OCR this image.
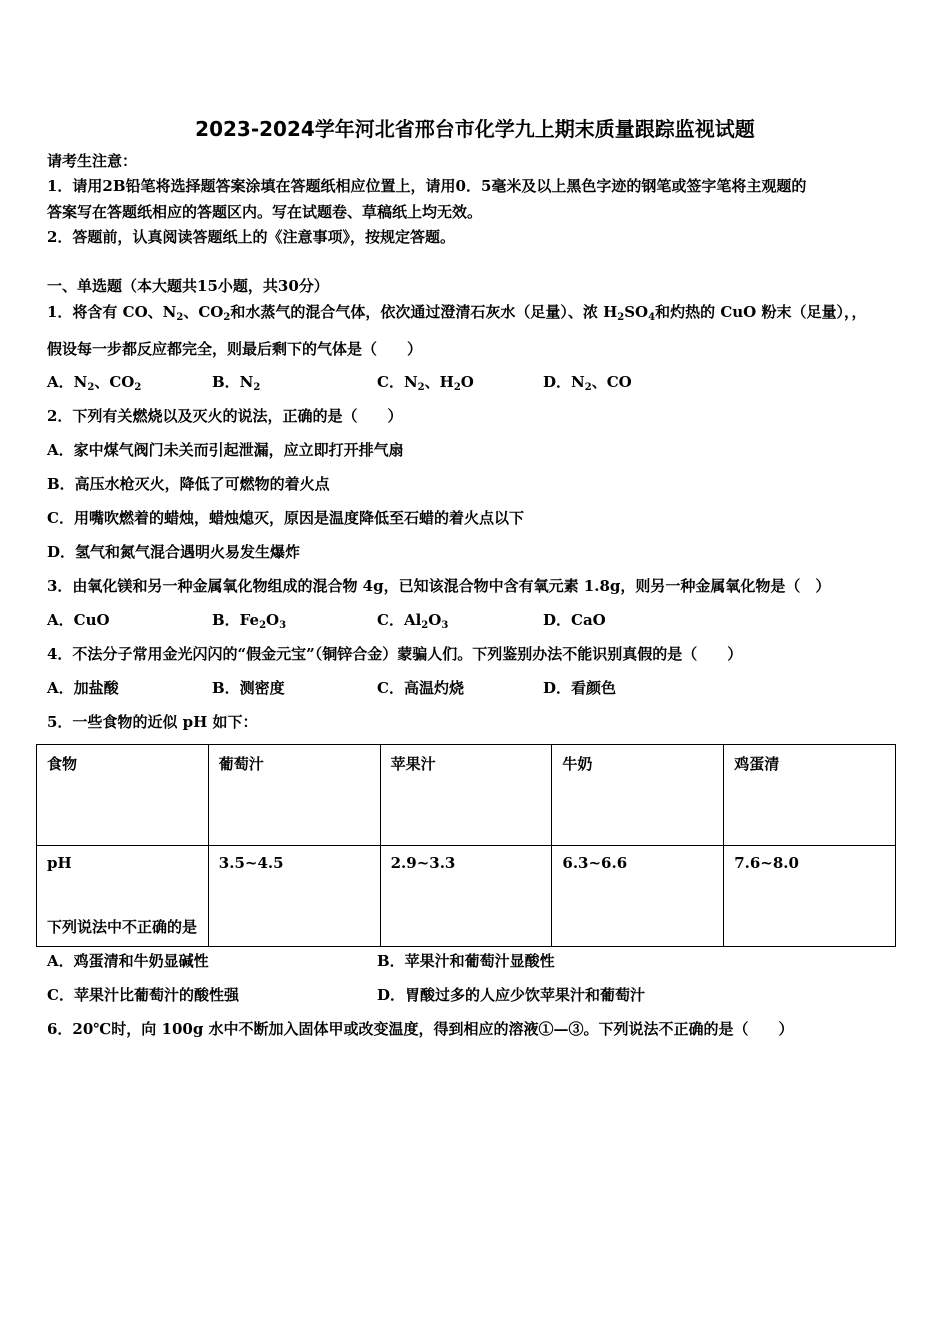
2023-2024学年河北省邢台市化学九上期末质量跟踪监视试题
请考生注意：
1．请用2B铅笔将选择题答案涂填在答题纸相应位置上，请用0．5毫米及以上黑色字迹的钢笔或签字笔将主观题的
答案写在答题纸相应的答题区内。写在试题卷、草稿纸上均无效。
2．答题前，认真阅读答题纸上的《注意事项》，按规定答题。
一、单选题（本大题共15小题，共30分）
1．将含有 CO、$N_2$、$CO_2$和水蒸气的混合气体，依次通过澄清石灰水（足量）、浓 $H_2SO_4$和灼热的 CuO 粉末（足量），，
假设每一步都反应都完全，则最后剩下的气体是（　　）
A．$N_2$、$CO_2$	B．$N_2$	C．$N_2$、$H_2O$	D．$N_2$、CO
2．下列有关燃烧以及灭火的说法，正确的是（　　）
A．家中煤气阀门未关而引起泄漏，应立即打开排气扇
B．高压水枪灭火，降低了可燃物的着火点
C．用嘴吹燃着的蜡烛，蜡烛熄灭，原因是温度降低至石蜡的着火点以下
D．氢气和氮气混合遇明火易发生爆炸
3．由氧化镁和另一种金属氧化物组成的混合物 4g，已知该混合物中含有氧元素 1.8g，则另一种金属氧化物是（　）
A．CuO	B．$Fe_2O_3$	C．$Al_2O_3$	D．CaO
4．不法分子常用金光闪闪的“假金元宝”（铜锌合金）蒙骗人们。下列鉴别办法不能识别真假的是（　　）
A．加盐酸	B．测密度	C．高温灼烧	D．看颜色
5．一些食物的近似 pH 如下：
食物	葡萄汁	苹果汁	牛奶	鸡蛋清
pH	3.5~4.5	2.9~3.3	6.3~6.6	7.6~8.0
下列说法中不正确的是
A．鸡蛋清和牛奶显碱性	B．苹果汁和葡萄汁显酸性
C．苹果汁比葡萄汁的酸性强	D．胃酸过多的人应少饮苹果汁和葡萄汁
6．20℃时，向 100g 水中不断加入固体甲或改变温度，得到相应的溶液①—③。下列说法不正确的是（　　）
